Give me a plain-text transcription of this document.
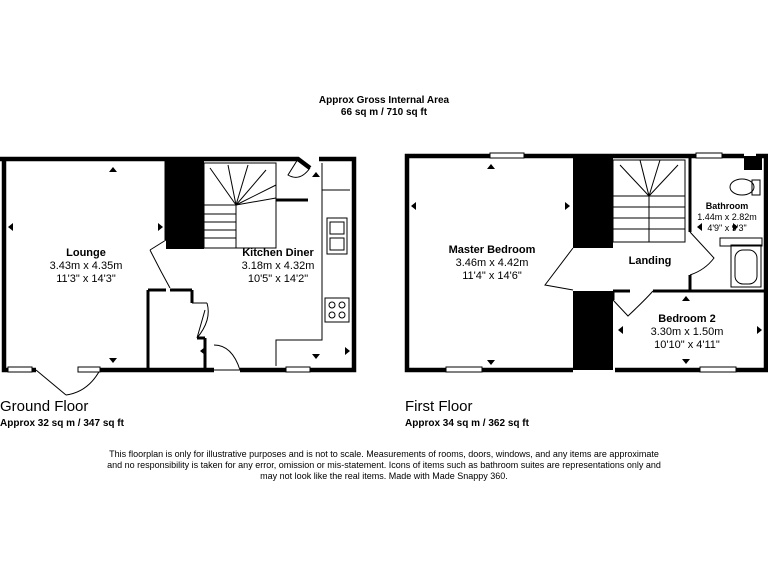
Approx Gross Internal Area
66 sq m / 710 sq ft
Lounge
3.43m x 4.35m
11'3" x 14'3"
Kitchen Diner
3.18m x 4.32m
10'5" x 14'2"
Ground Floor
Approx 32 sq m / 347 sq ft
Master Bedroom
3.46m x 4.42m
11'4" x 14'6"
Landing
Bathroom
1.44m x 2.82m
4'9" x 9'3"
Bedroom 2
3.30m x 1.50m
10'10" x 4'11"
First Floor
Approx 34 sq m / 362 sq ft
This floorplan is only for illustrative purposes and is not to scale. Measurements of rooms, doors, windows, and any items are approximate
and no responsibility is taken for any error, omission or mis-statement. Icons of items such as bathroom suites are representations only and
may not look like the real items. Made with Made Snappy 360.
